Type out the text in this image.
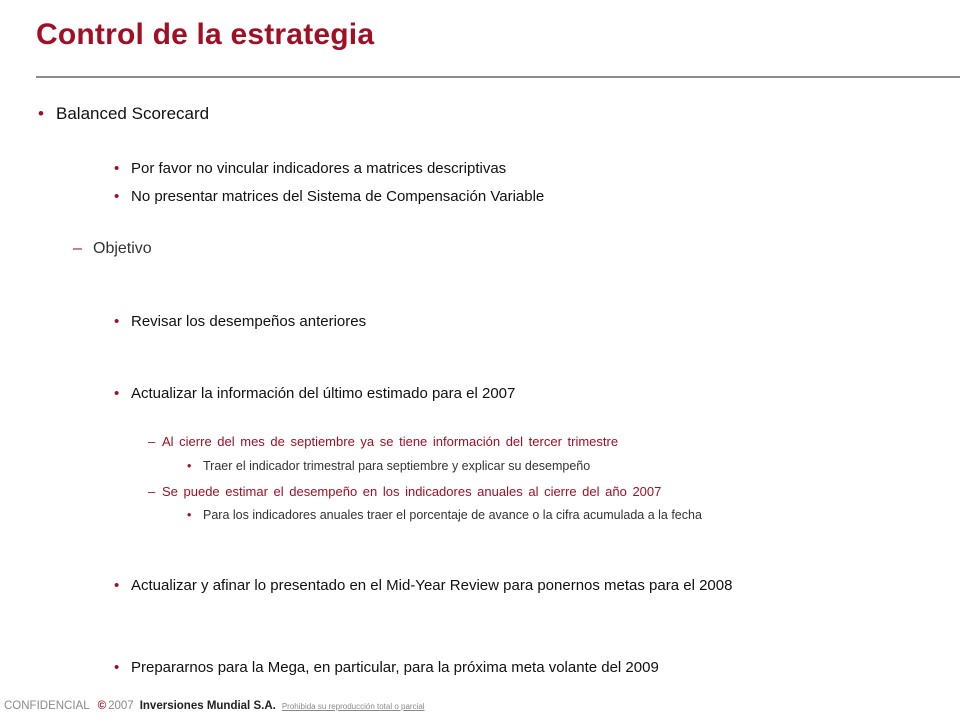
Control de la estrategia
• Balanced Scorecard
• Por favor no vincular indicadores a matrices descriptivas
• No presentar matrices del Sistema de Compensación Variable
– Objetivo
• Revisar los desempeños anteriores
• Actualizar la información del último estimado para el 2007
– Al cierre del mes de septiembre ya se tiene información del tercer trimestre
• Traer el indicador trimestral para septiembre y explicar su desempeño
– Se puede estimar el desempeño en los indicadores anuales al cierre del año 2007
• Para los indicadores anuales traer el porcentaje de avance o la cifra acumulada a la fecha
• Actualizar y afinar lo presentado en el Mid-Year Review para ponernos metas para el 2008
• Prepararnos para la Mega, en particular, para la próxima meta volante del 2009
CONFIDENCIAL © 2007 Inversiones Mundial S.A. Prohibida su reproducción total o parcial
